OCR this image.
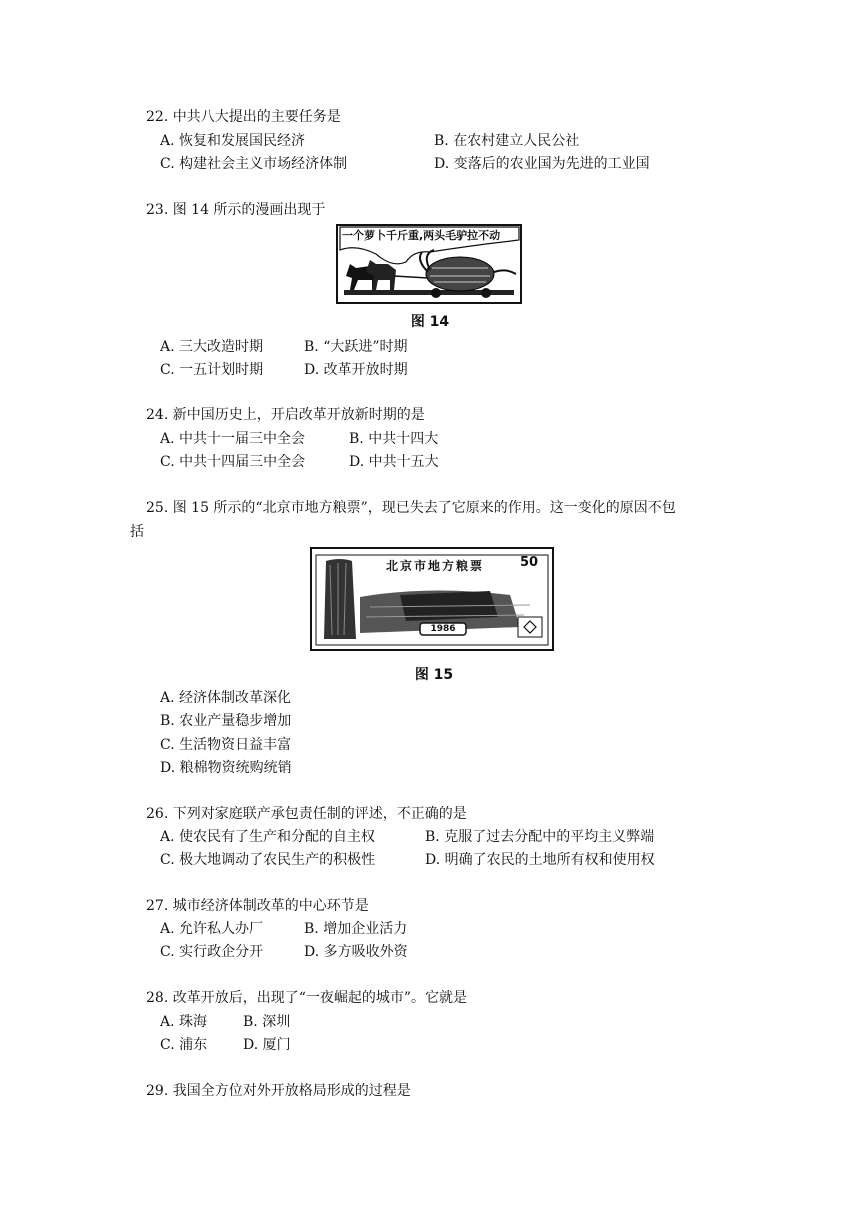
22. 中共八大提出的主要任务是
A. 恢复和发展国民经济	B. 在农村建立人民公社
C. 构建社会主义市场经济体制	D. 变落后的农业国为先进的工业国
23. 图 14 所示的漫画出现于
一个萝卜千斤重,两头毛驴拉不动
图 14
A. 三大改造时期	B. “大跃进”时期
C. 一五计划时期	D. 改革开放时期
24. 新中国历史上，开启改革开放新时期的是
A. 中共十一届三中全会	B. 中共十四大
C. 中共十四届三中全会	D. 中共十五大
25. 图 15 所示的“北京市地方粮票”，现已失去了它原来的作用。这一变化的原因不包
括
北京市地方粮票	50
1986
图 15
A. 经济体制改革深化
B. 农业产量稳步增加
C. 生活物资日益丰富
D. 粮棉物资统购统销
26. 下列对家庭联产承包责任制的评述，不正确的是
A. 使农民有了生产和分配的自主权	B. 克服了过去分配中的平均主义弊端
C. 极大地调动了农民生产的积极性	D. 明确了农民的土地所有权和使用权
27. 城市经济体制改革的中心环节是
A. 允许私人办厂	B. 增加企业活力
C. 实行政企分开	D. 多方吸收外资
28. 改革开放后，出现了“一夜崛起的城市”。它就是
A. 珠海	B. 深圳
C. 浦东	D. 厦门
29. 我国全方位对外开放格局形成的过程是
